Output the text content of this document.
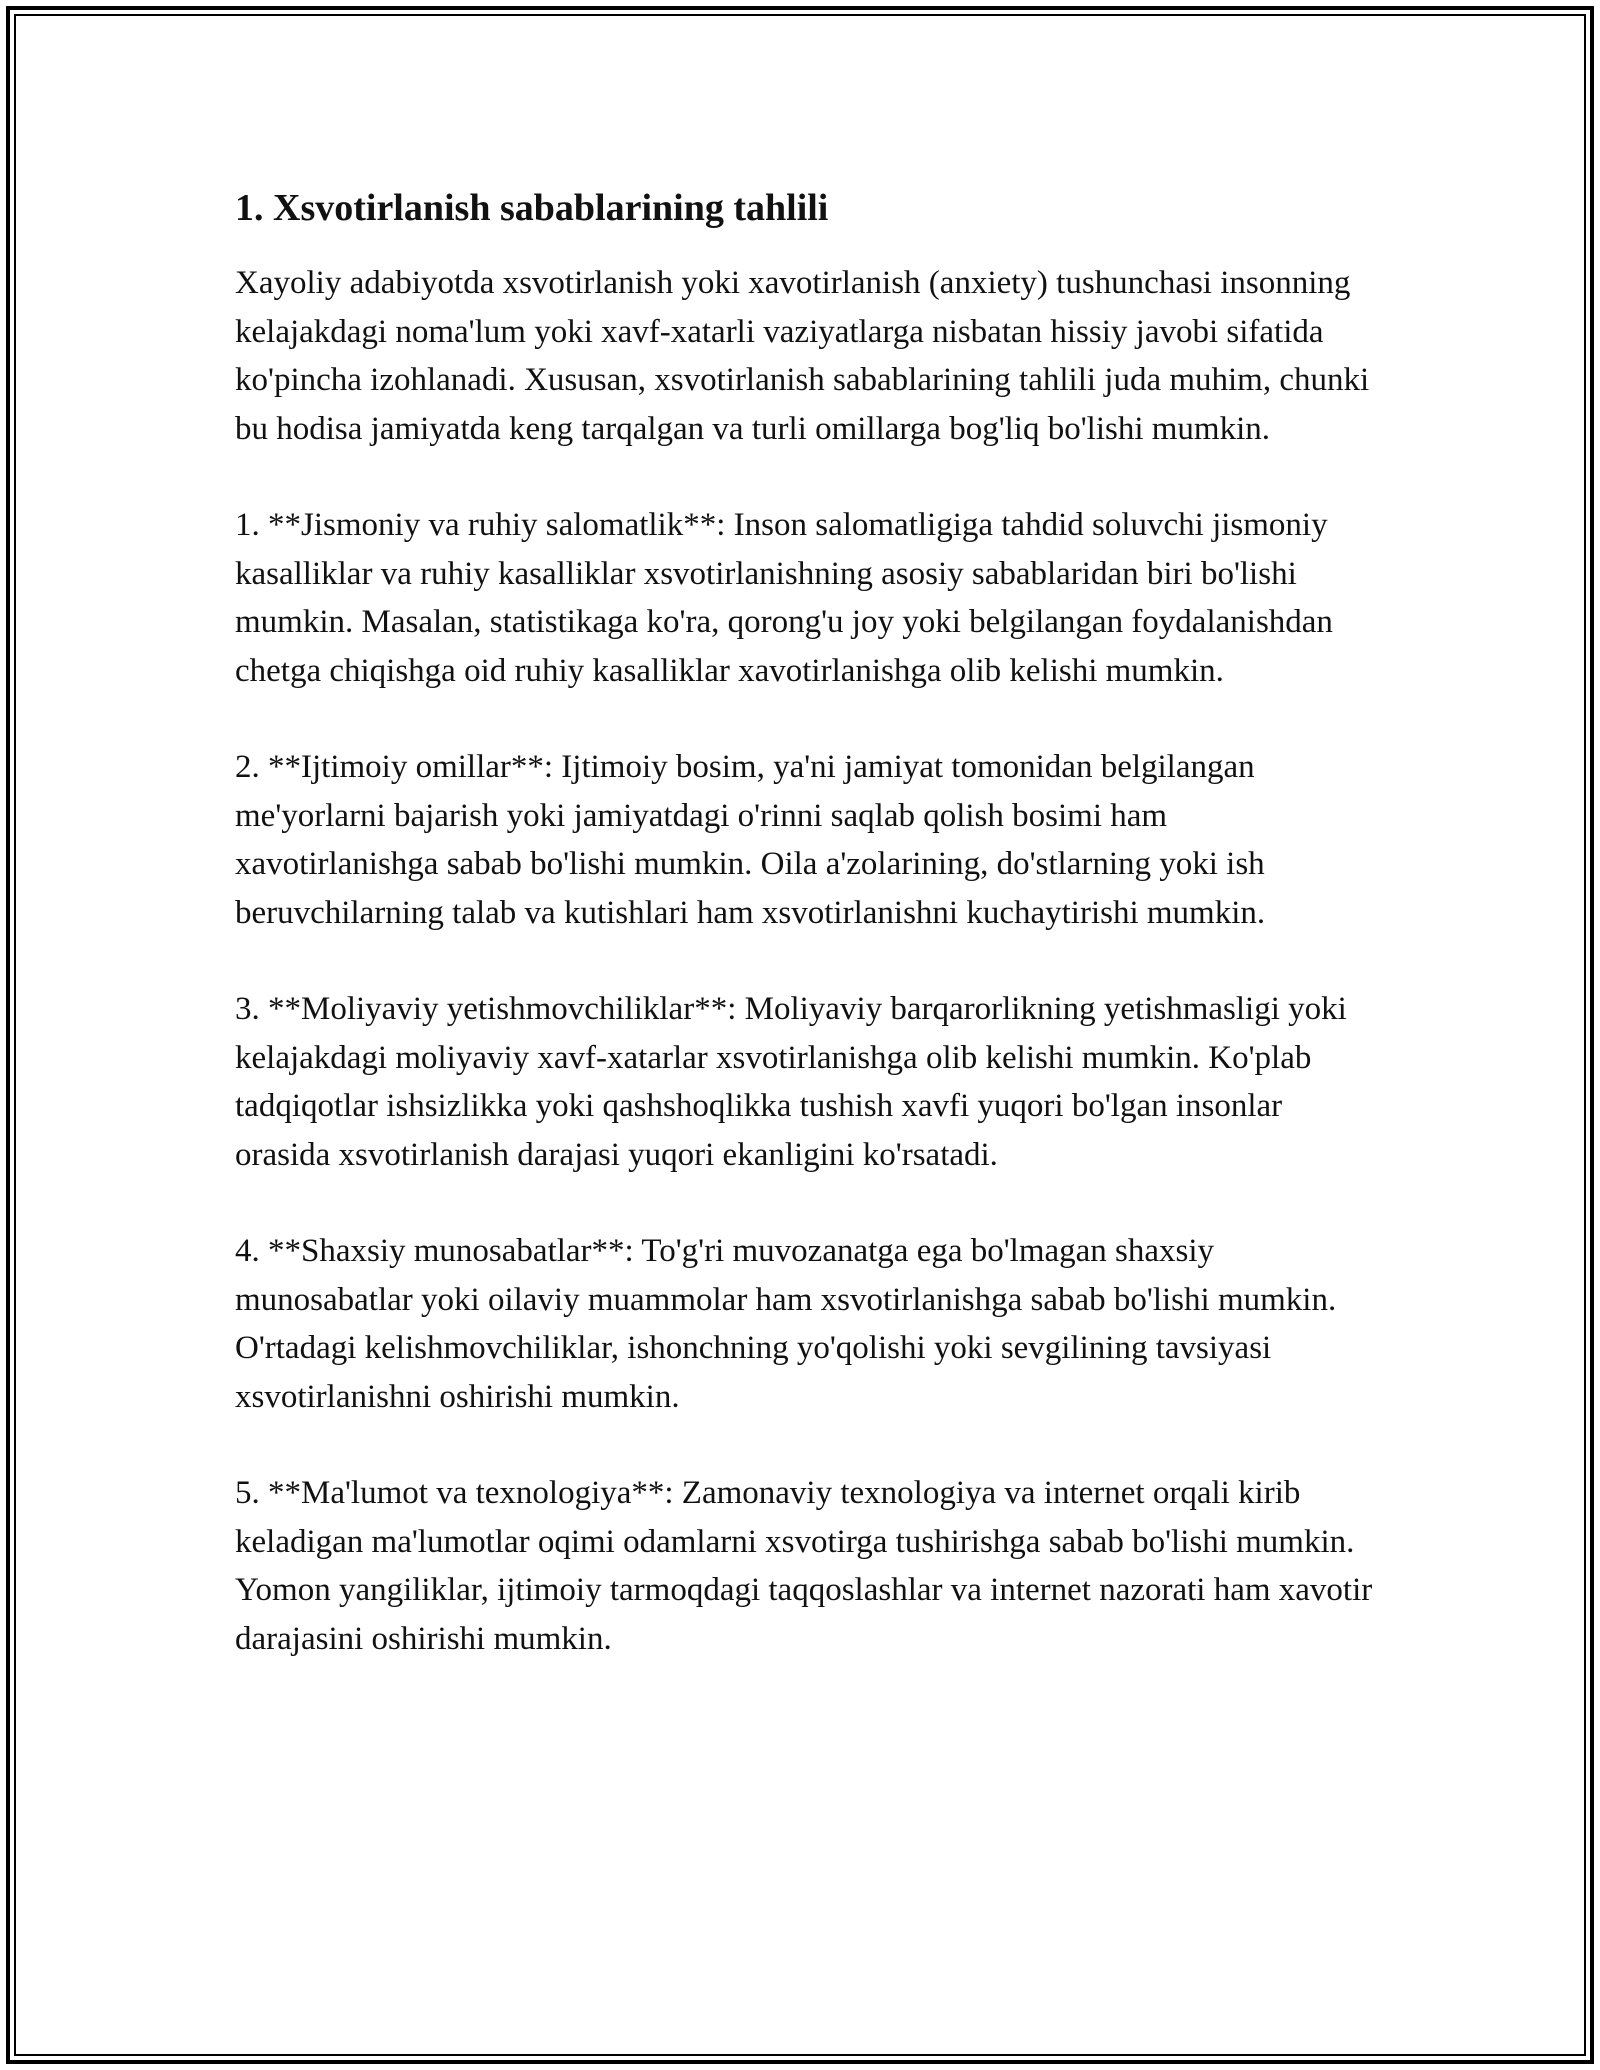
1. Xsvotirlanish sabablarining tahlili

Xayoliy adabiyotda xsvotirlanish yoki xavotirlanish (anxiety) tushunchasi insonning kelajakdagi noma'lum yoki xavf-xatarli vaziyatlarga nisbatan hissiy javobi sifatida ko'pincha izohlanadi. Xususan, xsvotirlanish sabablarining tahlili juda muhim, chunki bu hodisa jamiyatda keng tarqalgan va turli omillarga bog'liq bo'lishi mumkin.

1. **Jismoniy va ruhiy salomatlik**: Inson salomatligiga tahdid soluvchi jismoniy kasalliklar va ruhiy kasalliklar xsvotirlanishning asosiy sabablaridan biri bo'lishi mumkin. Masalan, statistikaga ko'ra, qorong'u joy yoki belgilangan foydalanishdan chetga chiqishga oid ruhiy kasalliklar xavotirlanishga olib kelishi mumkin.

2. **Ijtimoiy omillar**: Ijtimoiy bosim, ya'ni jamiyat tomonidan belgilangan me'yorlarni bajarish yoki jamiyatdagi o'rinni saqlab qolish bosimi ham xavotirlanishga sabab bo'lishi mumkin. Oila a'zolarining, do'stlarning yoki ish beruvchilarning talab va kutishlari ham xsvotirlanishni kuchaytirishi mumkin.

3. **Moliyaviy yetishmovchiliklar**: Moliyaviy barqarorlikning yetishmasligi yoki kelajakdagi moliyaviy xavf-xatarlar xsvotirlanishga olib kelishi mumkin. Ko'plab tadqiqotlar ishsizlikka yoki qashshoqlikka tushish xavfi yuqori bo'lgan insonlar orasida xsvotirlanish darajasi yuqori ekanligini ko'rsatadi.

4. **Shaxsiy munosabatlar**: To'g'ri muvozanatga ega bo'lmagan shaxsiy munosabatlar yoki oilaviy muammolar ham xsvotirlanishga sabab bo'lishi mumkin. O'rtadagi kelishmovchiliklar, ishonchning yo'qolishi yoki sevgilining tavsiyasi xsvotirlanishni oshirishi mumkin.

5. **Ma'lumot va texnologiya**: Zamonaviy texnologiya va internet orqali kirib keladigan ma'lumotlar oqimi odamlarni xsvotirga tushirishga sabab bo'lishi mumkin. Yomon yangiliklar, ijtimoiy tarmoqdagi taqqoslashlar va internet nazorati ham xavotir darajasini oshirishi mumkin.
